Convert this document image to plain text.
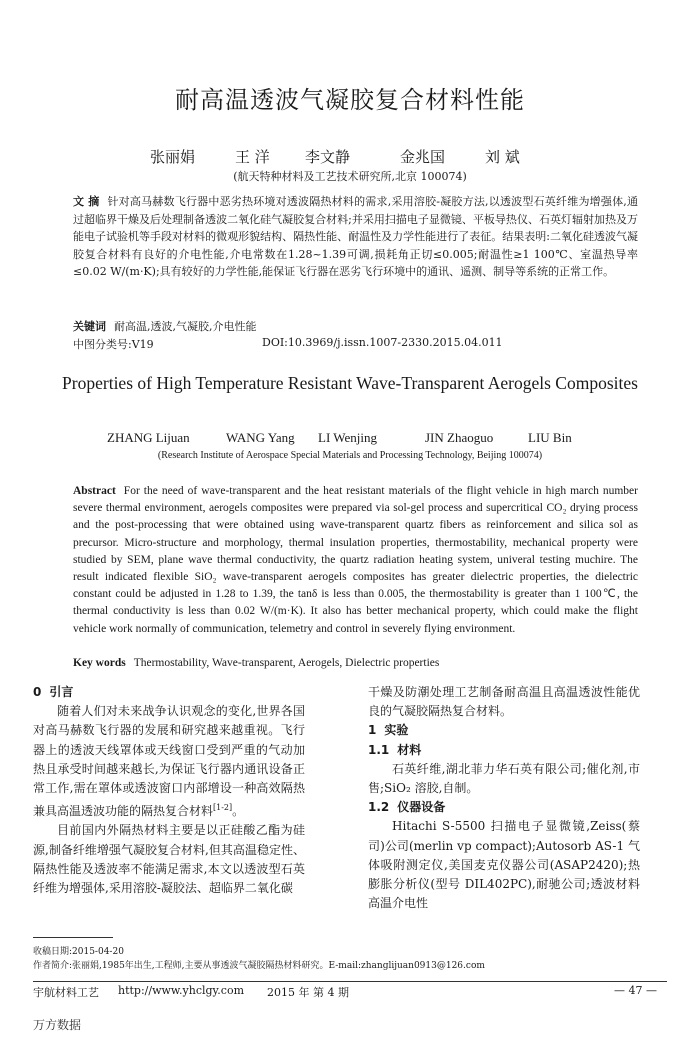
耐高温透波气凝胶复合材料性能
张丽娟	王 洋 李文静	金兆国	刘 斌
(航天特种材料及工艺技术研究所,北京 100074)
文 摘 针对高马赫数飞行器中恶劣热环境对透波隔热材料的需求,采用溶胶-凝胶方法,以透波型石英纤维为增强体,通过超临界干燥及后处理制备透波二氧化硅气凝胶复合材料;并采用扫描电子显微镜、平板导热仪、石英灯辐射加热及万能电子试验机等手段对材料的微观形貌结构、隔热性能、耐温性及力学性能进行了表征。结果表明:二氧化硅透波气凝胶复合材料有良好的介电性能,介电常数在1.28~1.39可调,损耗角正切≤0.005;耐温性≥1 100℃、室温热导率≤0.02 W/(m·K);具有较好的力学性能,能保证飞行器在恶劣飞行环境中的通讯、遥测、制导等系统的正常工作。
关键词 耐高温,透波,气凝胶,介电性能
中图分类号:V19	DOI:10.3969/j.issn.1007-2330.2015.04.011
Properties of High Temperature Resistant Wave-Transparent Aerogels Composites
ZHANG Lijuan	WANG Yang LI Wenjing	JIN Zhaoguo	LIU Bin
(Research Institute of Aerospace Special Materials and Processing Technology, Beijing 100074)
Abstract For the need of wave-transparent and the heat resistant materials of the flight vehicle in high march number severe thermal environment, aerogels composites were prepared via sol-gel process and supercritical CO₂ drying process and the post-processing that were obtained using wave-transparent quartz fibers as reinforcement and silica sol as precursor. Micro-structure and morphology, thermal insulation properties, thermostability, mechanical property were studied by SEM, plane wave thermal conductivity, the quartz radiation heating system, univeral testing muchire. The result indicated flexible SiO₂ wave-transparent aerogels composites has greater dielectric properties, the dielectric constant could be adjusted in 1.28 to 1.39, the tanδ is less than 0.005, the thermostability is greater than 1 100℃, the thermal conductivity is less than 0.02 W/(m·K). It also has better mechanical property, which could make the flight vehicle work normally of communication, telemetry and control in severely flying environment.
Key words Thermostability, Wave-transparent, Aerogels, Dielectric properties
0 引言

随着人们对未来战争认识观念的变化,世界各国对高马赫数飞行器的发展和研究越来越重视。飞行器上的透波天线罩体或天线窗口受到严重的气动加热且承受时间越来越长,为保证飞行器内通讯设备正常工作,需在罩体或透波窗口内部增设一种高效隔热兼具高温透波功能的隔热复合材料[1-2]。

目前国内外隔热材料主要是以正硅酸乙酯为硅源,制备纤维增强气凝胶复合材料,但其高温稳定性、隔热性能及透波率不能满足需求,本文以透波型石英纤维为增强体,采用溶胶-凝胶法、超临界二氧化碳

干燥及防潮处理工艺制备耐高温且高温透波性能优良的气凝胶隔热复合材料。

1 实验
1.1 材料

石英纤维,湖北菲力华石英有限公司;催化剂,市售;SiO₂ 溶胶,自制。

1.2 仪器设备

Hitachi S-5500 扫描电子显微镜,Zeiss(蔡司)公司(merlin vp compact);Autosorb AS-1 气体吸附测定仪,美国麦克仪器公司(ASAP2420);热膨胀分析仪(型号 DIL402PC),耐驰公司;透波材料高温介电性

收稿日期:2015-04-20
作者简介:张丽娟,1985年出生,工程师,主要从事透波气凝胶隔热材料研究。E-mail:zhanglijuan0913@126.com
宇航材料工艺 http://www.yhclgy.com 2015 年 第 4 期	— 47 —
万方数据
